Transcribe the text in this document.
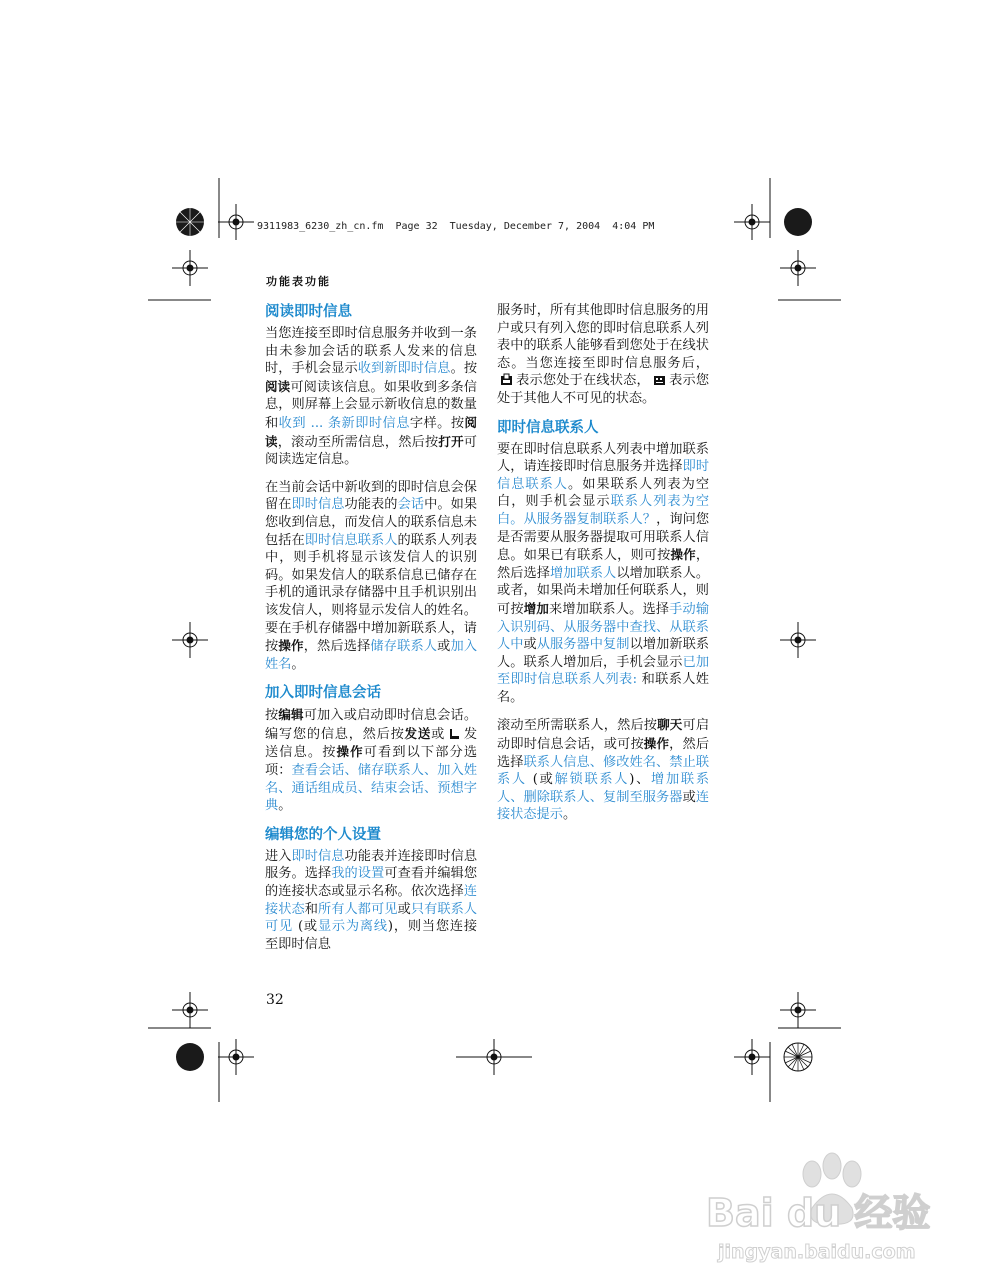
9311983_6230_zh_cn.fm  Page 32  Tuesday, December 7, 2004  4:04 PM
功能表功能
阅读即时信息

当您连接至即时信息服务并收到一条由未参加会话的联系人发来的信息时，手机会显示收到新即时信息。按阅读可阅读该信息。如果收到多条信息，则屏幕上会显示新收信息的数量和收到 ... 条新即时信息字样。按阅读，滚动至所需信息，然后按打开可阅读选定信息。

在当前会话中新收到的即时信息会保留在即时信息功能表的会话中。如果您收到信息，而发信人的联系信息未包括在即时信息联系人的联系人列表中，则手机将显示该发信人的识别码。如果发信人的联系信息已储存在手机的通讯录存储器中且手机识别出该发信人，则将显示发信人的姓名。要在手机存储器中增加新联系人，请按操作，然后选择储存联系人或加入姓名。

加入即时信息会话

按编辑可加入或启动即时信息会话。编写您的信息，然后按发送或 发送信息。按操作可看到以下部分选项：查看会话、储存联系人、加入姓名、通话组成员、结束会话、预想字典。

编辑您的个人设置

进入即时信息功能表并连接即时信息服务。选择我的设置可查看并编辑您的连接状态或显示名称。依次选择连接状态和所有人都可见或只有联系人可见 (或显示为离线)，则当您连接至即时信息

服务时，所有其他即时信息服务的用户或只有列入您的即时信息联系人列表中的联系人能够看到您处于在线状态。当您连接至即时信息服务后，表示您处于在线状态， 表示您处于其他人不可见的状态。

即时信息联系人

要在即时信息联系人列表中增加联系人，请连接即时信息服务并选择即时信息联系人。如果联系人列表为空白，则手机会显示联系人列表为空白。从服务器复制联系人？，询问您是否需要从服务器提取可用联系人信息。如果已有联系人，则可按操作，然后选择增加联系人以增加联系人。或者，如果尚未增加任何联系人，则可按增加来增加联系人。选择手动输入识别码、从服务器中查找、从联系人中或从服务器中复制以增加新联系人。联系人增加后，手机会显示已加至即时信息联系人列表: 和联系人姓名。

滚动至所需联系人，然后按聊天可启动即时信息会话，或可按操作，然后选择联系人信息、修改姓名、禁止联系人 (或解锁联系人)、增加联系人、删除联系人、复制至服务器或连接状态提示。

32
Bai du 经验
jingyan.baidu.com
